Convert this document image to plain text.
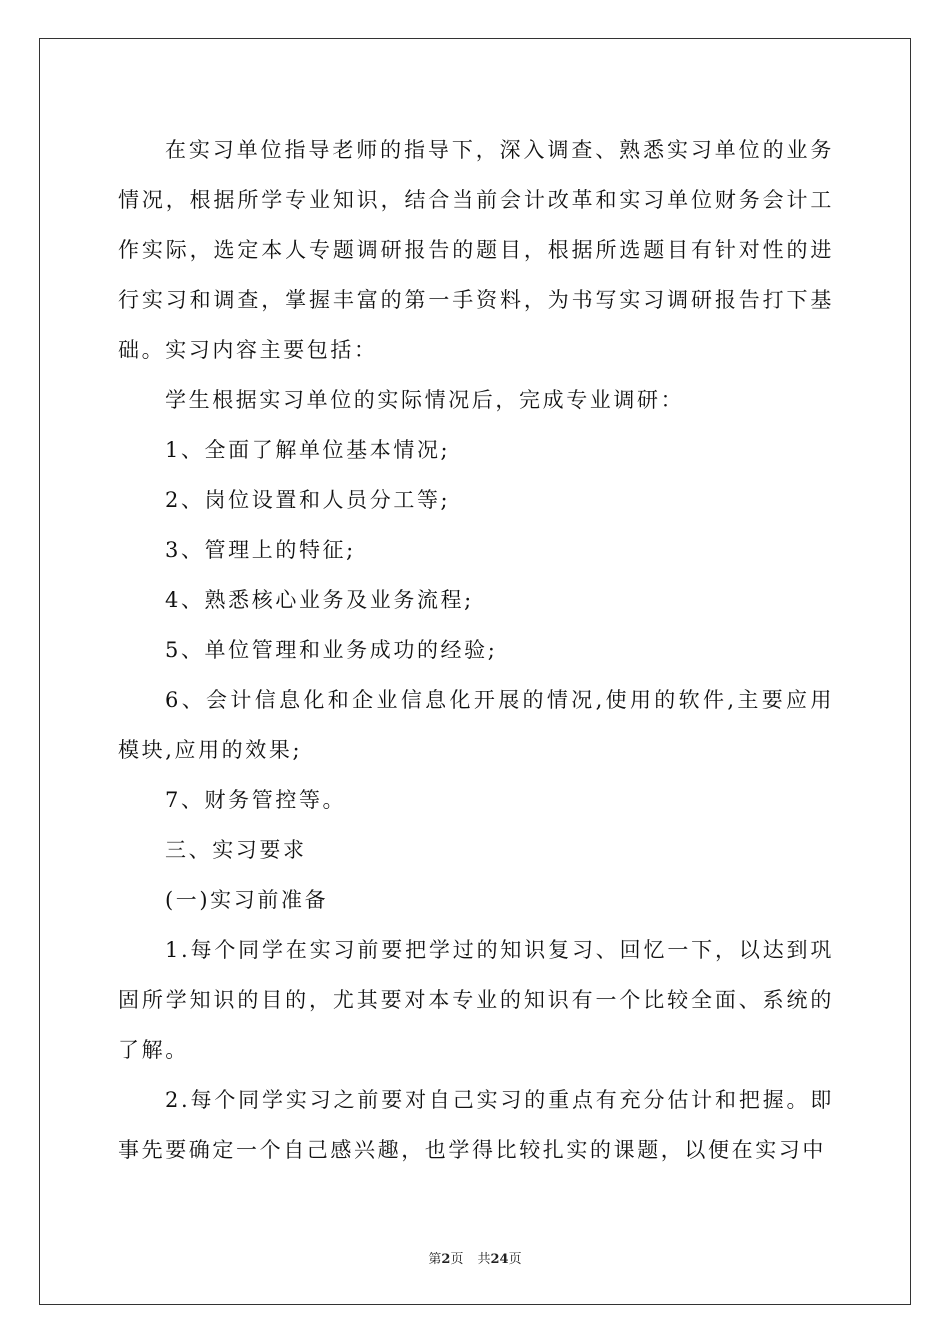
在实习单位指导老师的指导下，深入调查、熟悉实习单位的业务情况，根据所学专业知识，结合当前会计改革和实习单位财务会计工作实际，选定本人专题调研报告的题目，根据所选题目有针对性的进行实习和调查，掌握丰富的第一手资料，为书写实习调研报告打下基础。实习内容主要包括：

学生根据实习单位的实际情况后，完成专业调研：

1、全面了解单位基本情况;

2、岗位设置和人员分工等;

3、管理上的特征;

4、熟悉核心业务及业务流程;

5、单位管理和业务成功的经验;

6、会计信息化和企业信息化开展的情况,使用的软件,主要应用模块,应用的效果;

7、财务管控等。

三、实习要求

(一)实习前准备

1.每个同学在实习前要把学过的知识复习、回忆一下，以达到巩固所学知识的目的，尤其要对本专业的知识有一个比较全面、系统的了解。

2.每个同学实习之前要对自己实习的重点有充分估计和把握。即事先要确定一个自己感兴趣，也学得比较扎实的课题，以便在实习中

第2页 共24页
